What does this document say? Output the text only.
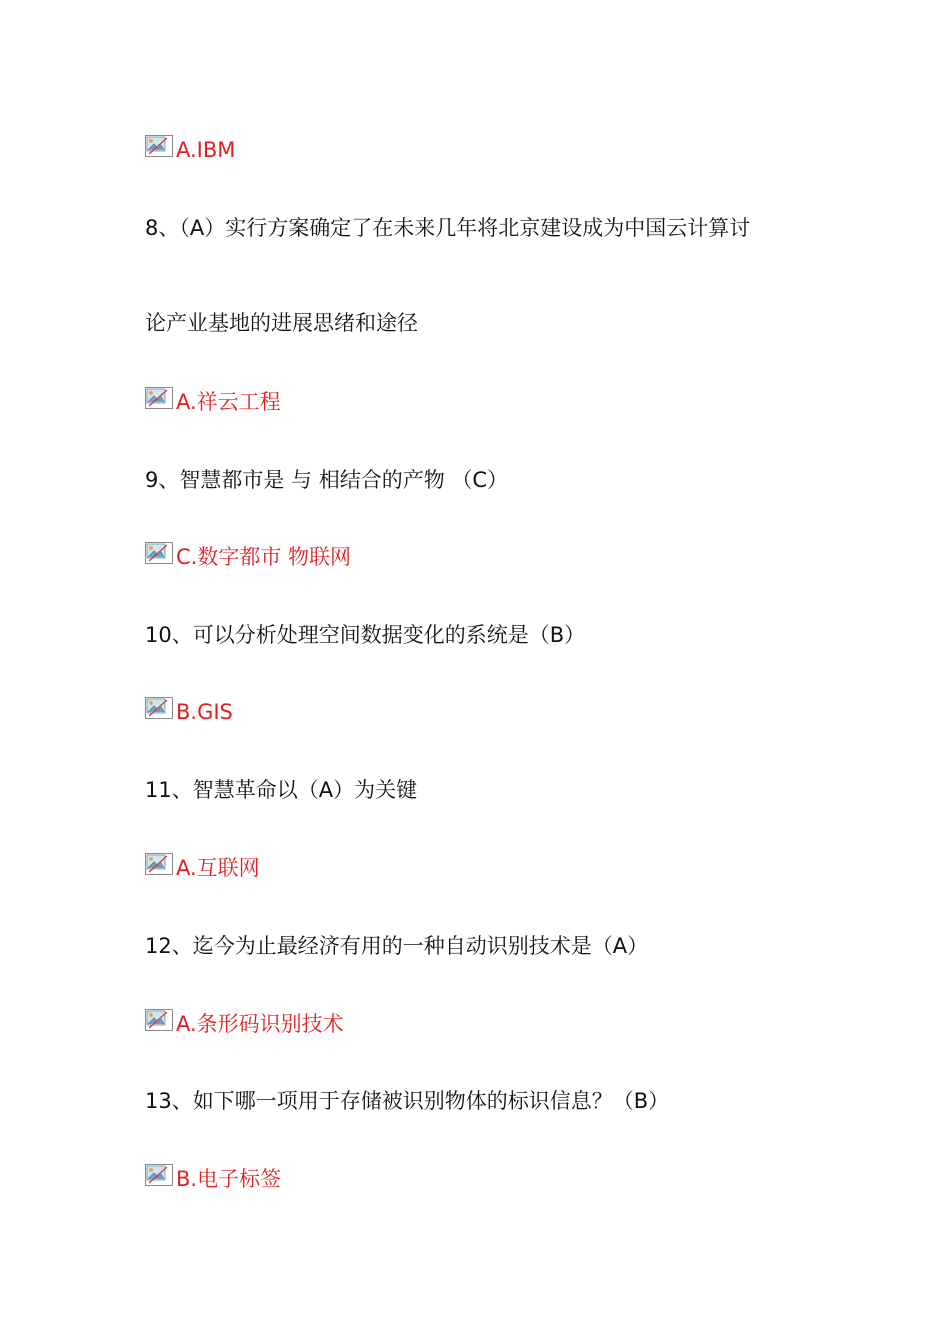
A.IBM
8、（A）实行方案确定了在未来几年将北京建设成为中国云计算讨
论产业基地的进展思绪和途径
A.祥云工程
9、智慧都市是 与 相结合的产物 （C）
C.数字都市 物联网
10、可以分析处理空间数据变化的系统是（B）
B.GIS
11、智慧革命以（A）为关键
A.互联网
12、迄今为止最经济有用的一种自动识别技术是（A）
A.条形码识别技术
13、如下哪一项用于存储被识别物体的标识信息？（B）
B.电子标签
